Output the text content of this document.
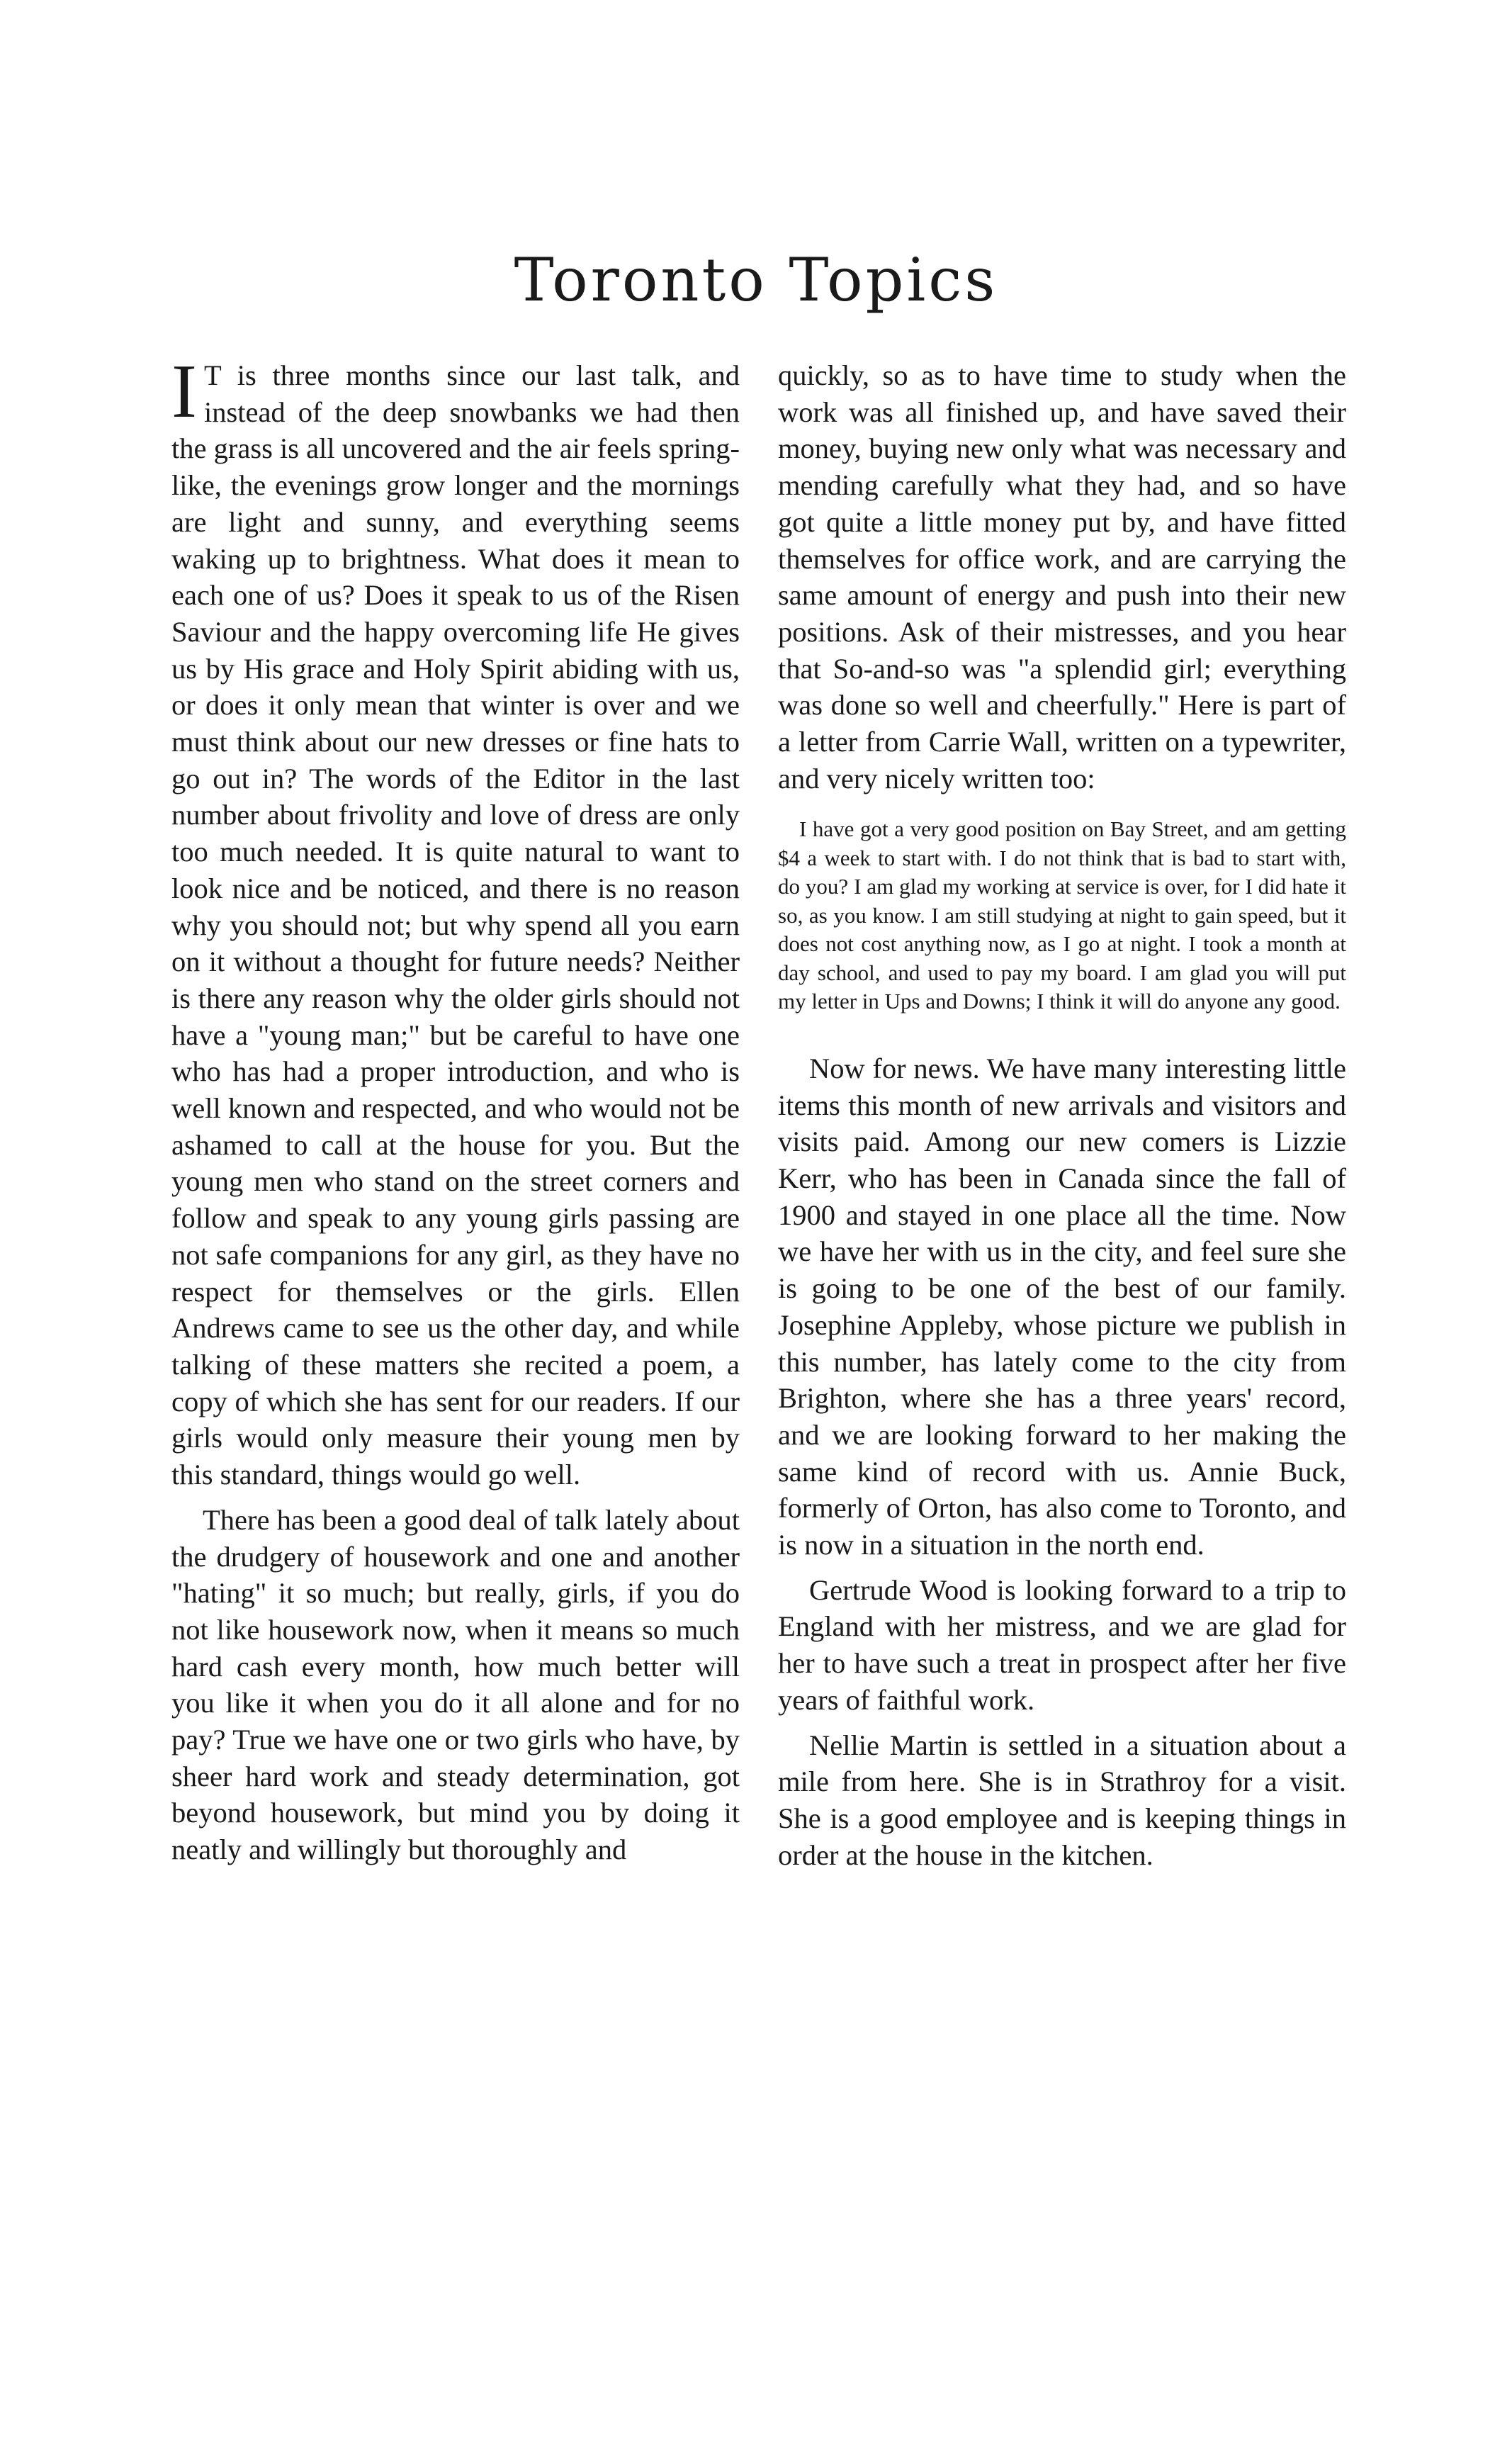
Toronto Topics

I T is three months since our last talk, and instead of the deep snowbanks we had then the grass is all uncovered and the air feels spring-like, the evenings grow longer and the mornings are light and sunny, and everything seems waking up to brightness. What does it mean to each one of us? Does it speak to us of the Risen Saviour and the happy overcoming life He gives us by His grace and Holy Spirit abiding with us, or does it only mean that winter is over and we must think about our new dresses or fine hats to go out in? The words of the Editor in the last number about frivolity and love of dress are only too much needed. It is quite natural to want to look nice and be noticed, and there is no reason why you should not; but why spend all you earn on it without a thought for future needs? Neither is there any reason why the older girls should not have a "young man;" but be careful to have one who has had a proper introduction, and who is well known and respected, and who would not be ashamed to call at the house for you. But the young men who stand on the street corners and follow and speak to any young girls passing are not safe companions for any girl, as they have no respect for themselves or the girls. Ellen Andrews came to see us the other day, and while talking of these matters she recited a poem, a copy of which she has sent for our readers. If our girls would only measure their young men by this standard, things would go well.

There has been a good deal of talk lately about the drudgery of housework and one and another "hating" it so much; but really, girls, if you do not like housework now, when it means so much hard cash every month, how much better will you like it when you do it all alone and for no pay? True we have one or two girls who have, by sheer hard work and steady determination, got beyond housework, but mind you by doing it neatly and willingly but thoroughly and

quickly, so as to have time to study when the work was all finished up, and have saved their money, buying new only what was necessary and mending carefully what they had, and so have got quite a little money put by, and have fitted themselves for office work, and are carrying the same amount of energy and push into their new positions. Ask of their mistresses, and you hear that So-and-so was "a splendid girl; everything was done so well and cheerfully." Here is part of a letter from Carrie Wall, written on a typewriter, and very nicely written too:

I have got a very good position on Bay Street, and am getting $4 a week to start with. I do not think that is bad to start with, do you? I am glad my working at service is over, for I did hate it so, as you know. I am still studying at night to gain speed, but it does not cost anything now, as I go at night. I took a month at day school, and used to pay my board. I am glad you will put my letter in Ups and Downs; I think it will do anyone any good.

Now for news. We have many interesting little items this month of new arrivals and visitors and visits paid. Among our new comers is Lizzie Kerr, who has been in Canada since the fall of 1900 and stayed in one place all the time. Now we have her with us in the city, and feel sure she is going to be one of the best of our family. Josephine Appleby, whose picture we publish in this number, has lately come to the city from Brighton, where she has a three years' record, and we are looking forward to her making the same kind of record with us. Annie Buck, formerly of Orton, has also come to Toronto, and is now in a situation in the north end.

Gertrude Wood is looking forward to a trip to England with her mistress, and we are glad for her to have such a treat in prospect after her five years of faithful work.

Nellie Martin is settled in a situation about a mile from here. She is in Strathroy for a visit. She is a good employee and is keeping things in order at the house in the kitchen.
